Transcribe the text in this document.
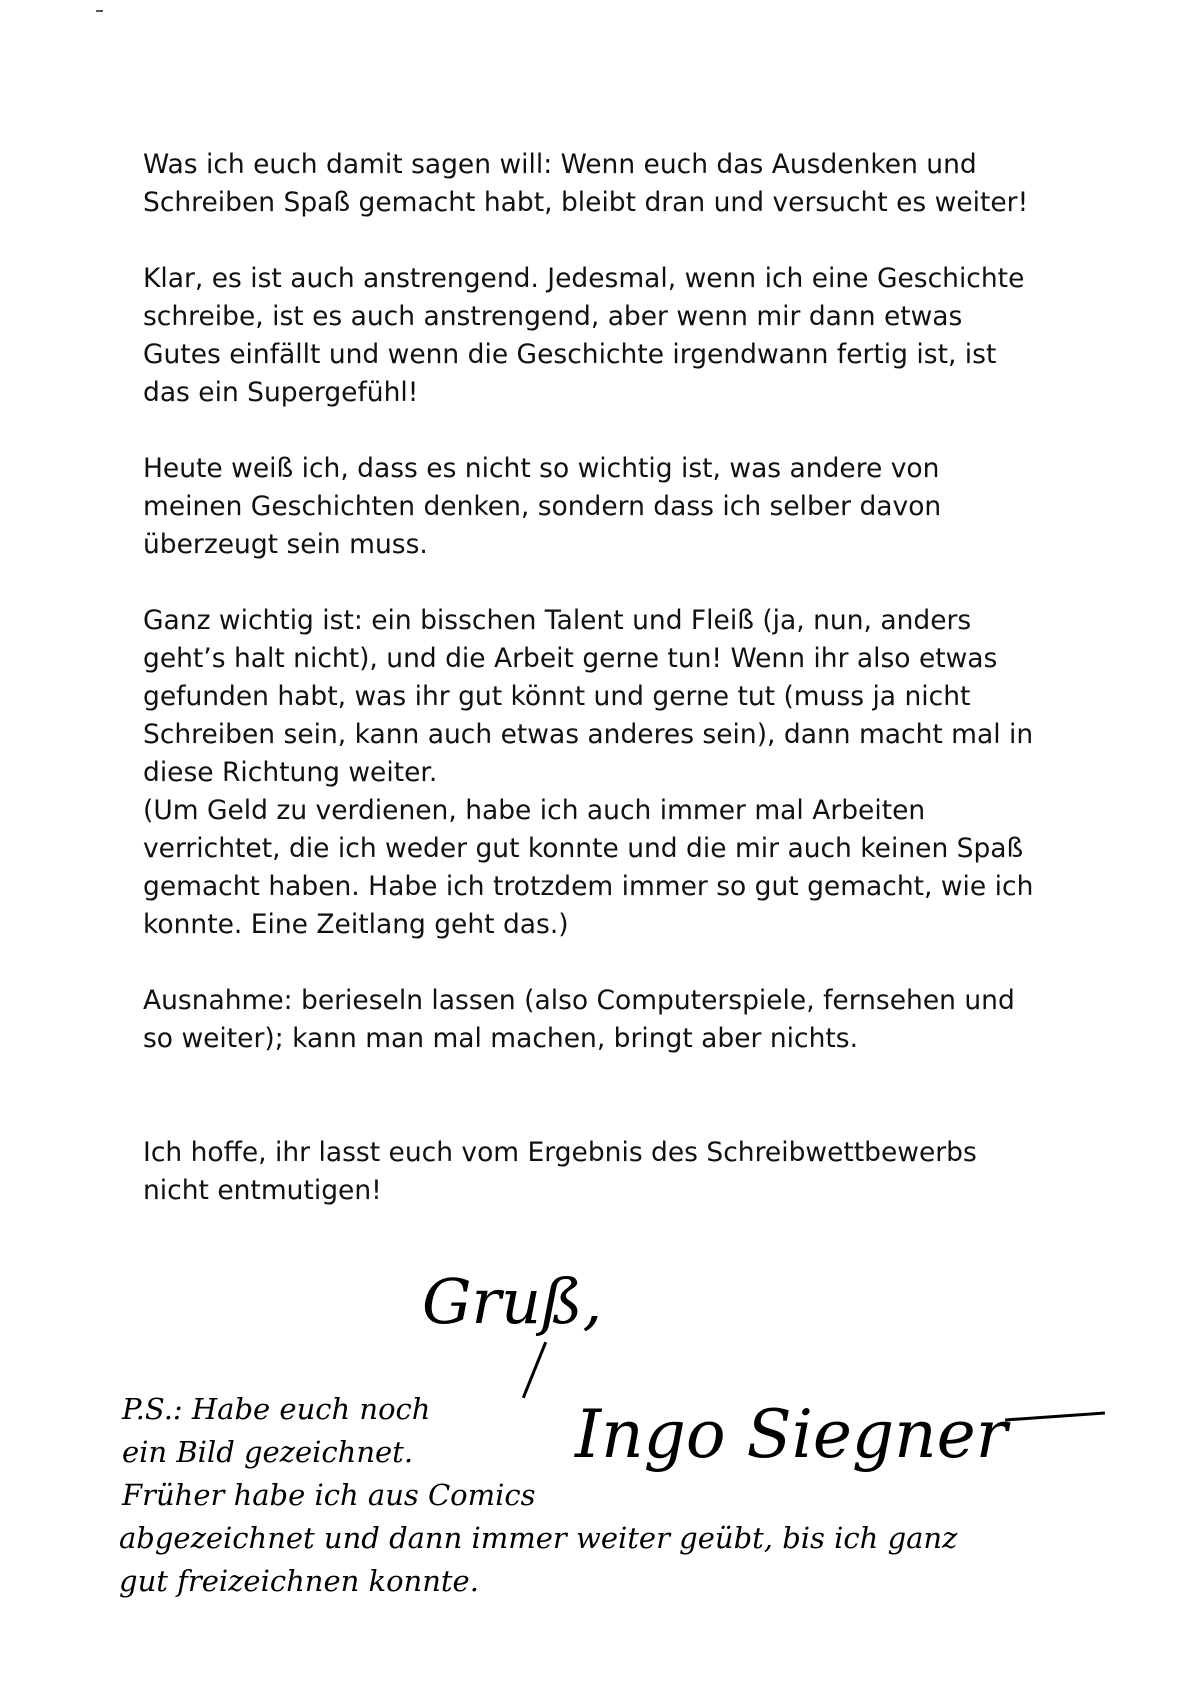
Was ich euch damit sagen will: Wenn euch das Ausdenken und
Schreiben Spaß gemacht habt, bleibt dran und versucht es weiter!

Klar, es ist auch anstrengend. Jedesmal, wenn ich eine Geschichte
schreibe, ist es auch anstrengend, aber wenn mir dann etwas
Gutes einfällt und wenn die Geschichte irgendwann fertig ist, ist
das ein Supergefühl!

Heute weiß ich, dass es nicht so wichtig ist, was andere von
meinen Geschichten denken, sondern dass ich selber davon
überzeugt sein muss.

Ganz wichtig ist: ein bisschen Talent und Fleiß (ja, nun, anders
geht’s halt nicht), und die Arbeit gerne tun! Wenn ihr also etwas
gefunden habt, was ihr gut könnt und gerne tut (muss ja nicht
Schreiben sein, kann auch etwas anderes sein), dann macht mal in
diese Richtung weiter.
(Um Geld zu verdienen, habe ich auch immer mal Arbeiten
verrichtet, die ich weder gut konnte und die mir auch keinen Spaß
gemacht haben. Habe ich trotzdem immer so gut gemacht, wie ich
konnte. Eine Zeitlang geht das.)

Ausnahme: berieseln lassen (also Computerspiele, fernsehen und
so weiter); kann man mal machen, bringt aber nichts.

Ich hoffe, ihr lasst euch vom Ergebnis des Schreibwettbewerbs
nicht entmutigen!

Gruß,
Ingo Siegner
P.S.: Habe euch noch
ein Bild gezeichnet.
Früher habe ich aus Comics
abgezeichnet und dann immer weiter geübt, bis ich ganz
gut freizeichnen konnte.
